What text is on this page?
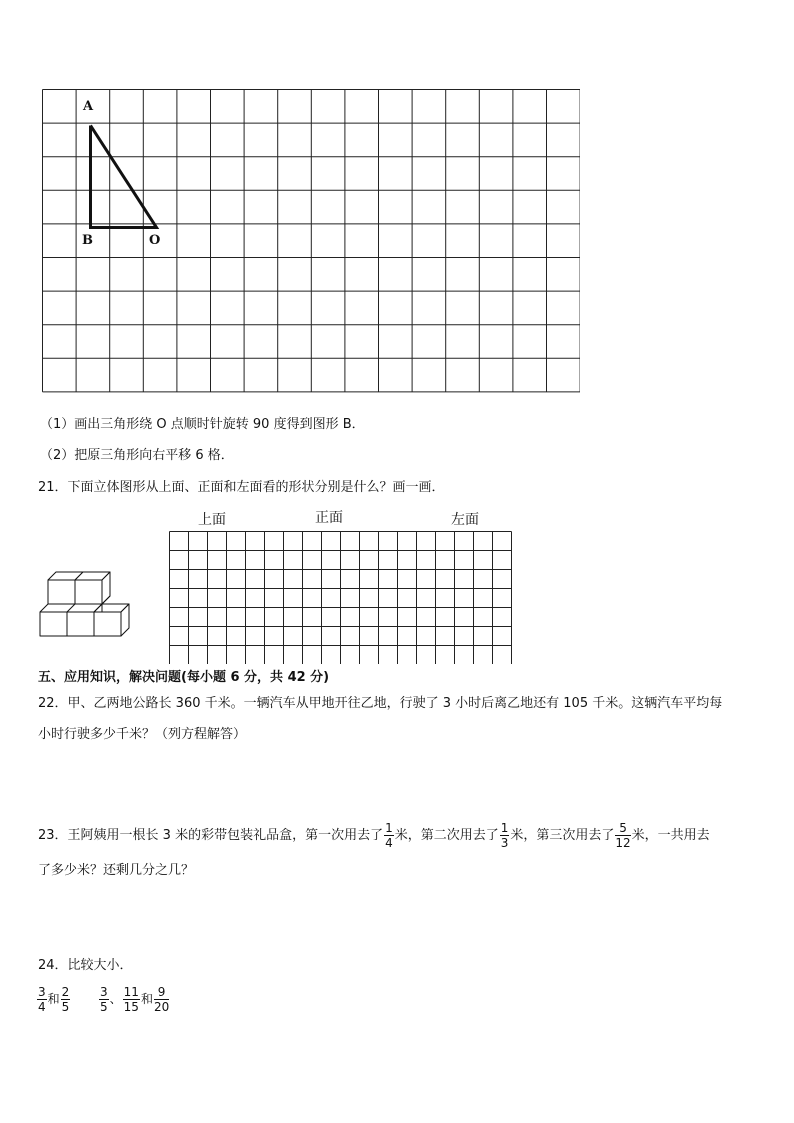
A
B	O
（1）画出三角形绕 O 点顺时针旋转 90 度得到图形 B．
（2）把原三角形向右平移 6 格．
21．下面立体图形从上面、正面和左面看的形状分别是什么？画一画．
上面	正面	左面
五、应用知识，解决问题(每小题 6 分，共 42 分)
22．甲、乙两地公路长 360 千米。一辆汽车从甲地开往乙地，行驶了 3 小时后离乙地还有 105 千米。这辆汽车平均每
小时行驶多少千米？（列方程解答）
23．王阿姨用一根长 3 米的彩带包装礼品盒，第一次用去了 $\frac{1}{4}$ 米，第二次用去了 $\frac{1}{3}$ 米，第三次用去了 $\frac{5}{12}$ 米，一共用去
了多少米？还剩几分之几？
24．比较大小．
$\frac{3}{4}$ 和 $\frac{2}{5} \frac{3}{5}$ 、 $\frac{11}{15}$ 和 $\frac{9}{20}$
